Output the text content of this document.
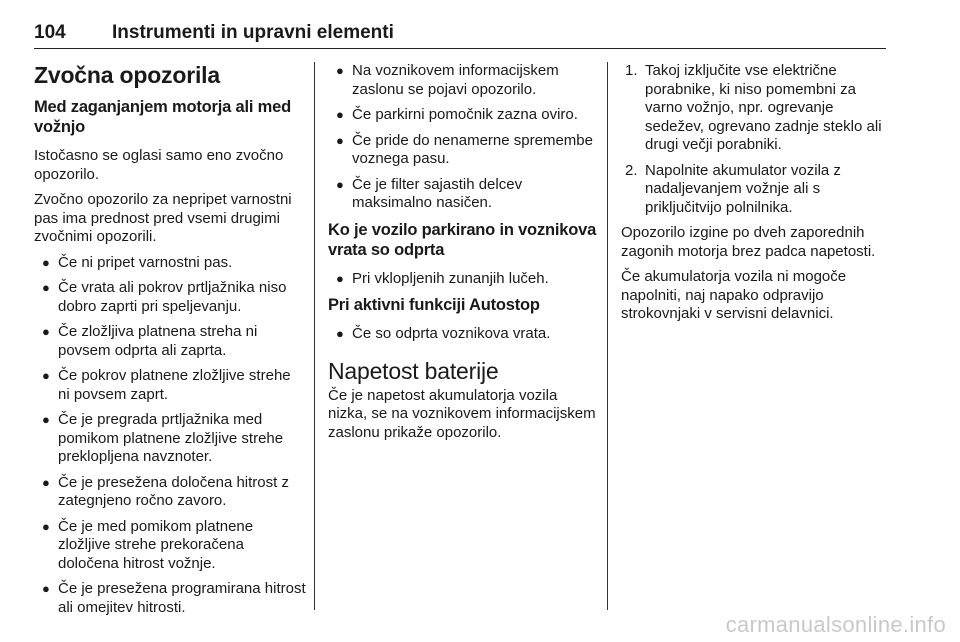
104 Instrumenti in upravni elementi
Zvočna opozorila
Med zaganjanjem motorja ali med vožnjo

Istočasno se oglasi samo eno zvočno opozorilo.

Zvočno opozorilo za nepripet varnostni pas ima prednost pred vsemi drugimi zvočnimi opozorili.

● Če ni pripet varnostni pas.
● Če vrata ali pokrov prtljažnika niso dobro zaprti pri speljevanju.
● Če zložljiva platnena streha ni povsem odprta ali zaprta.
● Če pokrov platnene zložljive strehe ni povsem zaprt.
● Če je pregrada prtljažnika med pomikom platnene zložljive strehe preklopljena navznoter.
● Če je presežena določena hitrost z zategnjeno ročno zavoro.
● Če je med pomikom platnene zložljive strehe prekoračena določena hitrost vožnje.
● Če je presežena programirana hitrost ali omejitev hitrosti.
● Na voznikovem informacijskem zaslonu se pojavi opozorilo.
● Če parkirni pomočnik zazna oviro.
● Če pride do nenamerne spremembe voznega pasu.
● Če je filter sajastih delcev maksimalno nasičen.
Ko je vozilo parkirano in voznikova vrata so odprta
● Pri vklopljenih zunanjih lučeh.
Pri aktivni funkciji Autostop
● Če so odprta voznikova vrata.
Napetost baterije

Če je napetost akumulatorja vozila nizka, se na voznikovem informacijskem zaslonu prikaže opozorilo.

1. Takoj izključite vse električne porabnike, ki niso pomembni za varno vožnjo, npr. ogrevanje sedežev, ogrevano zadnje steklo ali drugi večji porabniki.
2. Napolnite akumulator vozila z nadaljevanjem vožnje ali s priključitvijo polnilnika.

Opozorilo izgine po dveh zaporednih zagonih motorja brez padca napetosti.

Če akumulatorja vozila ni mogoče napolniti, naj napako odpravijo strokovnjaki v servisni delavnici.

carmanualsonline.info
